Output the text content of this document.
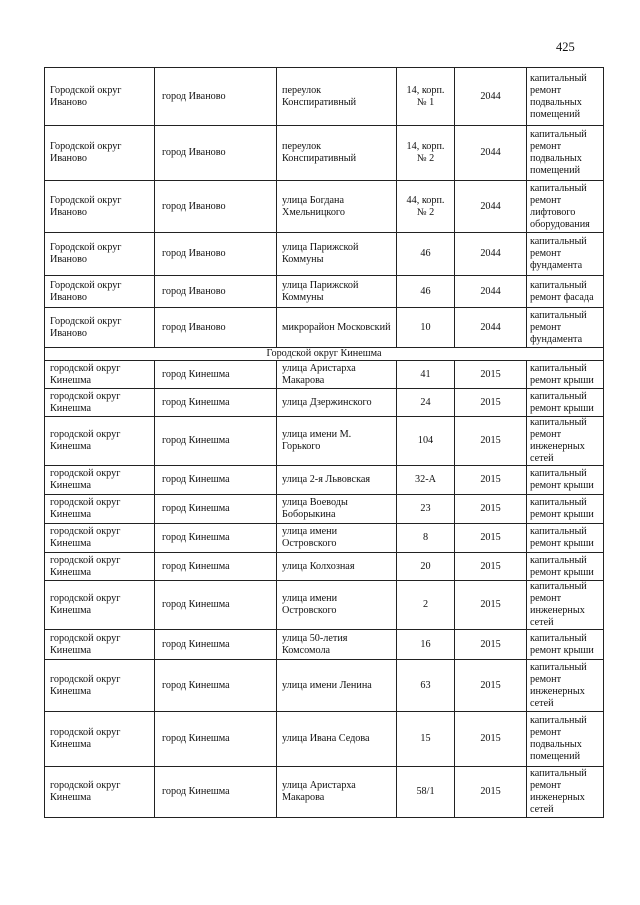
425
Городской округ Иваново	город Иваново	переулок Конспиративный	14, корп. № 1	2044	капитальный ремонт подвальных помещений
Городской округ Иваново	город Иваново	переулок Конспиративный	14, корп. № 2	2044	капитальный ремонт подвальных помещений
Городской округ Иваново	город Иваново	улица Богдана Хмельницкого	44, корп. № 2	2044	капитальный ремонт лифтового оборудования
Городской округ Иваново	город Иваново	улица Парижской Коммуны	46	2044	капитальный ремонт фундамента
Городской округ Иваново	город Иваново	улица Парижской Коммуны	46	2044	капитальный ремонт фасада
Городской округ Иваново	город Иваново	микрорайон Московский	10	2044	капитальный ремонт фундамента
Городской округ Кинешма					
городской округ Кинешма	город Кинешма	улица Аристарха Макарова	41	2015	капитальный ремонт крыши
городской округ Кинешма	город Кинешма	улица Дзержинского	24	2015	капитальный ремонт крыши
городской округ Кинешма	город Кинешма	улица имени М. Горького	104	2015	капитальный ремонт инженерных сетей
городской округ Кинешма	город Кинешма	улица 2-я Львовская	32-А	2015	капитальный ремонт крыши
городской округ Кинешма	город Кинешма	улица Воеводы Боборыкина	23	2015	капитальный ремонт крыши
городской округ Кинешма	город Кинешма	улица имени Островского	8	2015	капитальный ремонт крыши
городской округ Кинешма	город Кинешма	улица Колхозная	20	2015	капитальный ремонт крыши
городской округ Кинешма	город Кинешма	улица имени Островского	2	2015	капитальный ремонт инженерных сетей
городской округ Кинешма	город Кинешма	улица 50-летия Комсомола	16	2015	капитальный ремонт крыши
городской округ Кинешма	город Кинешма	улица имени Ленина	63	2015	капитальный ремонт инженерных сетей
городской округ Кинешма	город Кинешма	улица Ивана Седова	15	2015	капитальный ремонт подвальных помещений
городской округ Кинешма	город Кинешма	улица Аристарха Макарова	58/1	2015	капитальный ремонт инженерных сетей
